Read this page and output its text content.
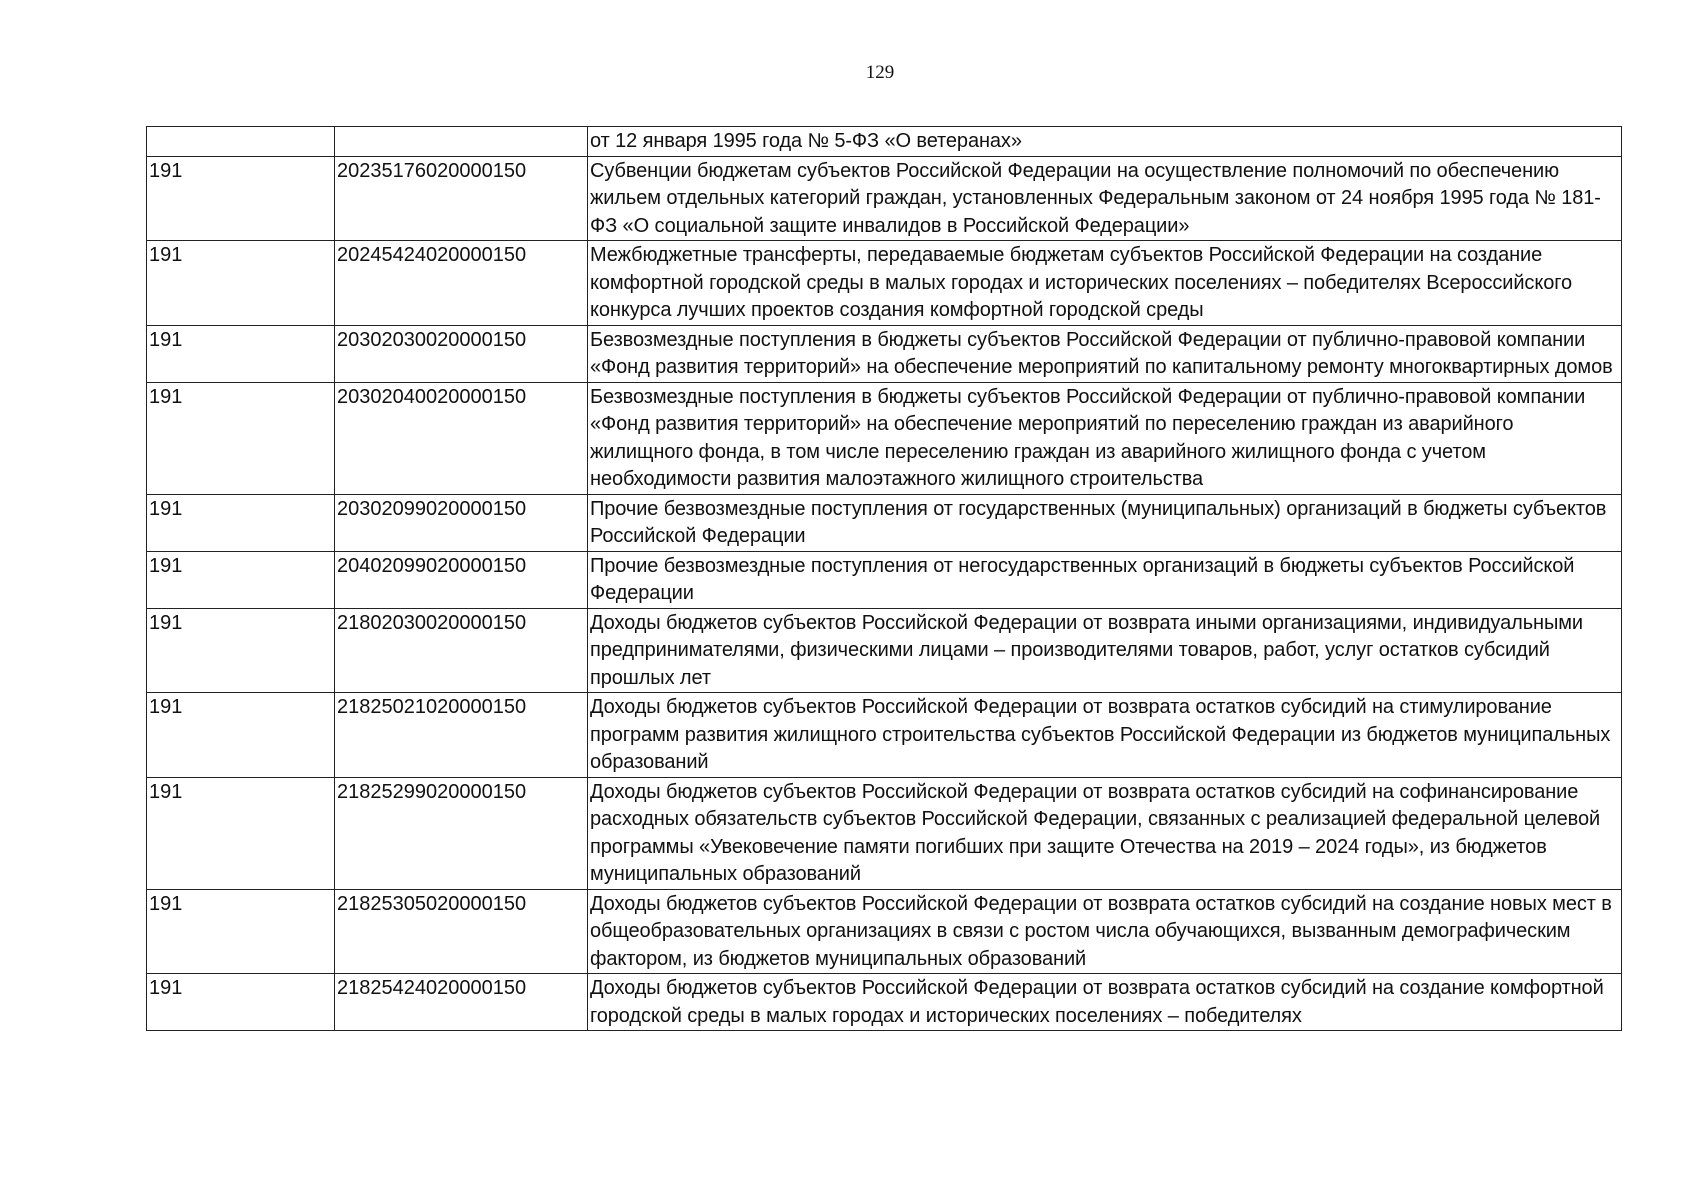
129
		от 12 января 1995 года № 5-ФЗ «О ветеранах»
191	20235176020000150	Субвенции бюджетам субъектов Российской Федерации на осуществление полномочий по обеспечению жильем отдельных категорий граждан, установленных Федеральным законом от 24 ноября 1995 года № 181-ФЗ «О социальной защите инвалидов в Российской Федерации»
191	20245424020000150	Межбюджетные трансферты, передаваемые бюджетам субъектов Российской Федерации на создание комфортной городской среды в малых городах и исторических поселениях – победителях Всероссийского конкурса лучших проектов создания комфортной городской среды
191	20302030020000150	Безвозмездные поступления в бюджеты субъектов Российской Федерации от публично-правовой компании «Фонд развития территорий» на обеспечение мероприятий по капитальному ремонту многоквартирных домов
191	20302040020000150	Безвозмездные поступления в бюджеты субъектов Российской Федерации от публично-правовой компании «Фонд развития территорий» на обеспечение мероприятий по переселению граждан из аварийного жилищного фонда, в том числе переселению граждан из аварийного жилищного фонда с учетом необходимости развития малоэтажного жилищного строительства
191	20302099020000150	Прочие безвозмездные поступления от государственных (муниципальных) организаций в бюджеты субъектов Российской Федерации
191	20402099020000150	Прочие безвозмездные поступления от негосударственных организаций в бюджеты субъектов Российской Федерации
191	21802030020000150	Доходы бюджетов субъектов Российской Федерации от возврата иными организациями, индивидуальными предпринимателями, физическими лицами – производителями товаров, работ, услуг остатков субсидий прошлых лет
191	21825021020000150	Доходы бюджетов субъектов Российской Федерации от возврата остатков субсидий на стимулирование программ развития жилищного строительства субъектов Российской Федерации из бюджетов муниципальных образований
191	21825299020000150	Доходы бюджетов субъектов Российской Федерации от возврата остатков субсидий на софинансирование расходных обязательств субъектов Российской Федерации, связанных с реализацией федеральной целевой программы «Увековечение памяти погибших при защите Отечества на 2019 – 2024 годы», из бюджетов муниципальных образований
191	21825305020000150	Доходы бюджетов субъектов Российской Федерации от возврата остатков субсидий на создание новых мест в общеобразовательных организациях в связи с ростом числа обучающихся, вызванным демографическим фактором, из бюджетов муниципальных образований
191	21825424020000150	Доходы бюджетов субъектов Российской Федерации от возврата остатков субсидий на создание комфортной городской среды в малых городах и исторических поселениях – победителях
